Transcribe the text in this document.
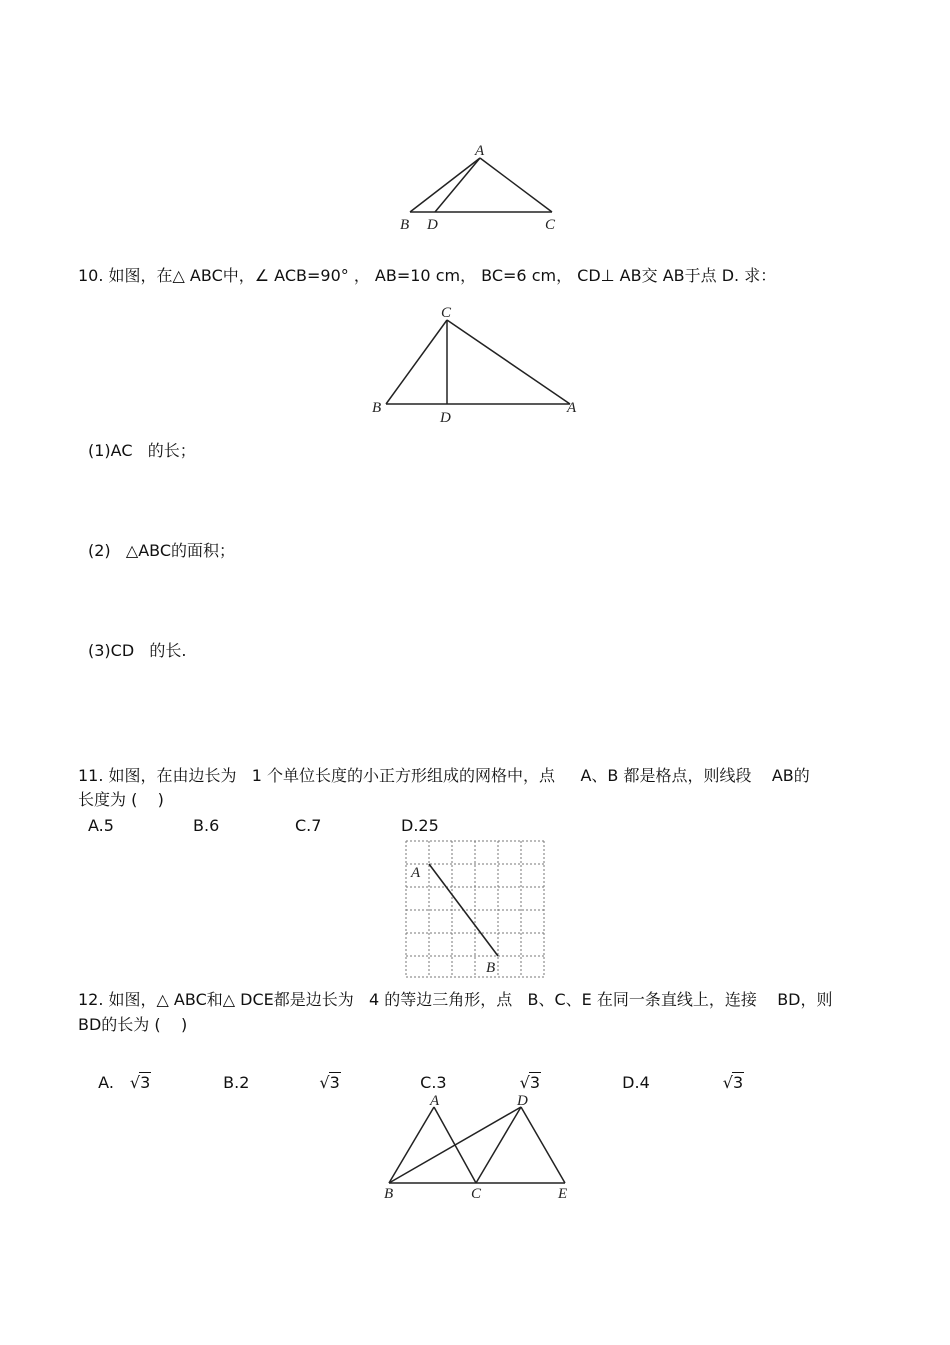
A
B D	C
10. 如图，在△ ABC中，∠ ACB=90° ， AB=10 cm， BC=6 cm， CD⊥ AB交 AB于点 D. 求：
C
B
D
A
(1)AC   的长；
(2)   △ABC的面积；
(3)CD   的长.
11. 如图，在由边长为   1 个单位长度的小正方形组成的网格中，点     A、B 都是格点，则线段    AB的
长度为 (    )
A.5	B.6	C.7	D.25
A
B
12. 如图，△ ABC和△ DCE都是边长为   4 的等边三角形，点   B、C、E 在同一条直线上，连接    BD，则
BD的长为 (    )

A. √3	B.2	√3	C.3	√3	D.4	√3

A	D
B	C	E
